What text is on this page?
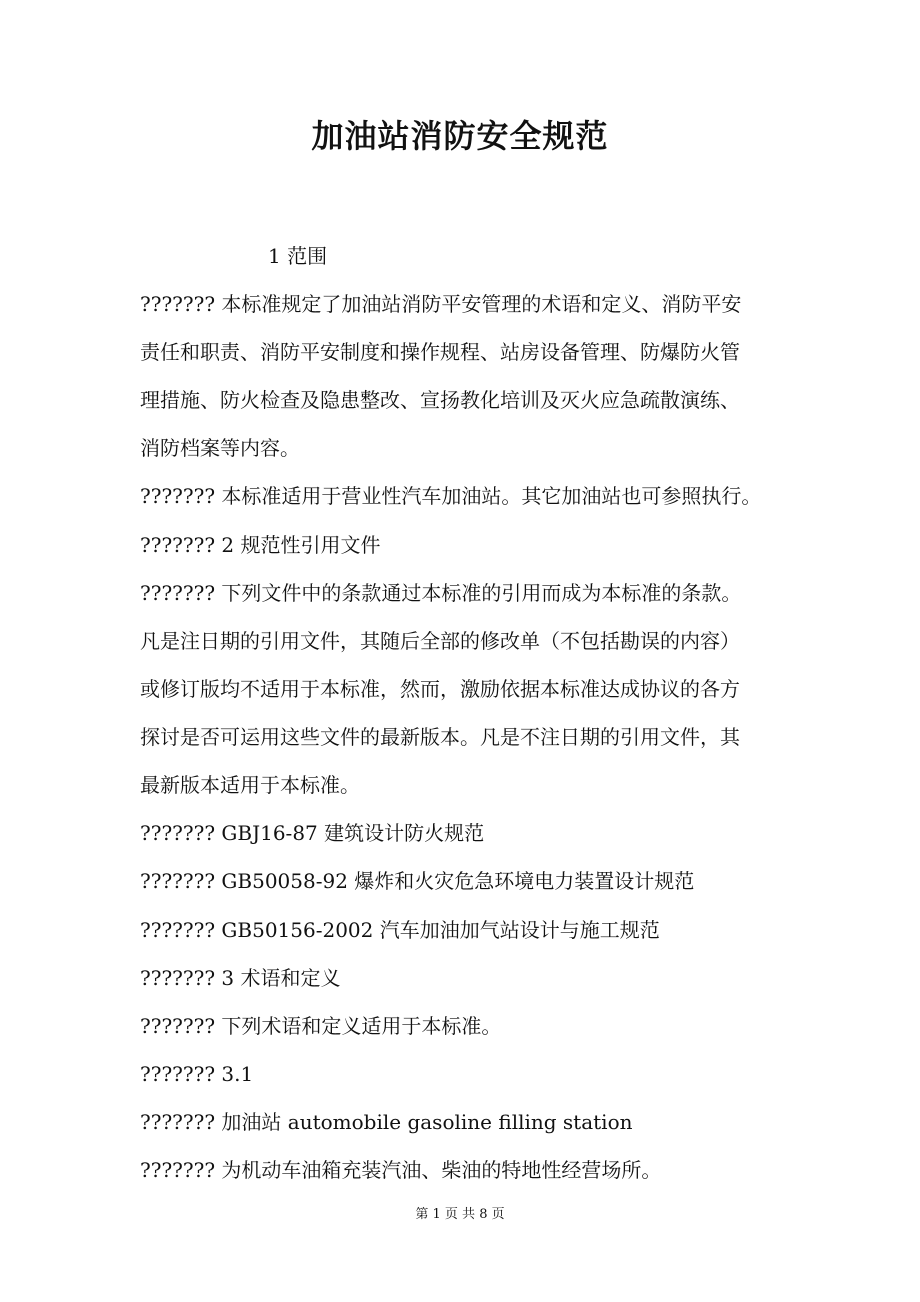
加油站消防安全规范
1 范围
??????? 本标准规定了加油站消防平安管理的术语和定义、消防平安
责任和职责、消防平安制度和操作规程、站房设备管理、防爆防火管
理措施、防火检查及隐患整改、宣扬教化培训及灭火应急疏散演练、
消防档案等内容。
??????? 本标准适用于营业性汽车加油站。其它加油站也可参照执行。
??????? 2 规范性引用文件
??????? 下列文件中的条款通过本标准的引用而成为本标准的条款。
凡是注日期的引用文件，其随后全部的修改单（不包括勘误的内容）
或修订版均不适用于本标准，然而，激励依据本标准达成协议的各方
探讨是否可运用这些文件的最新版本。凡是不注日期的引用文件，其
最新版本适用于本标准。
??????? GBJ16-87 建筑设计防火规范
??????? GB50058-92 爆炸和火灾危急环境电力装置设计规范
??????? GB50156-2002 汽车加油加气站设计与施工规范
??????? 3 术语和定义
??????? 下列术语和定义适用于本标准。
??????? 3.1
??????? 加油站 automobile gasoline filling station
??????? 为机动车油箱充装汽油、柴油的特地性经营场所。
第 1 页 共 8 页
